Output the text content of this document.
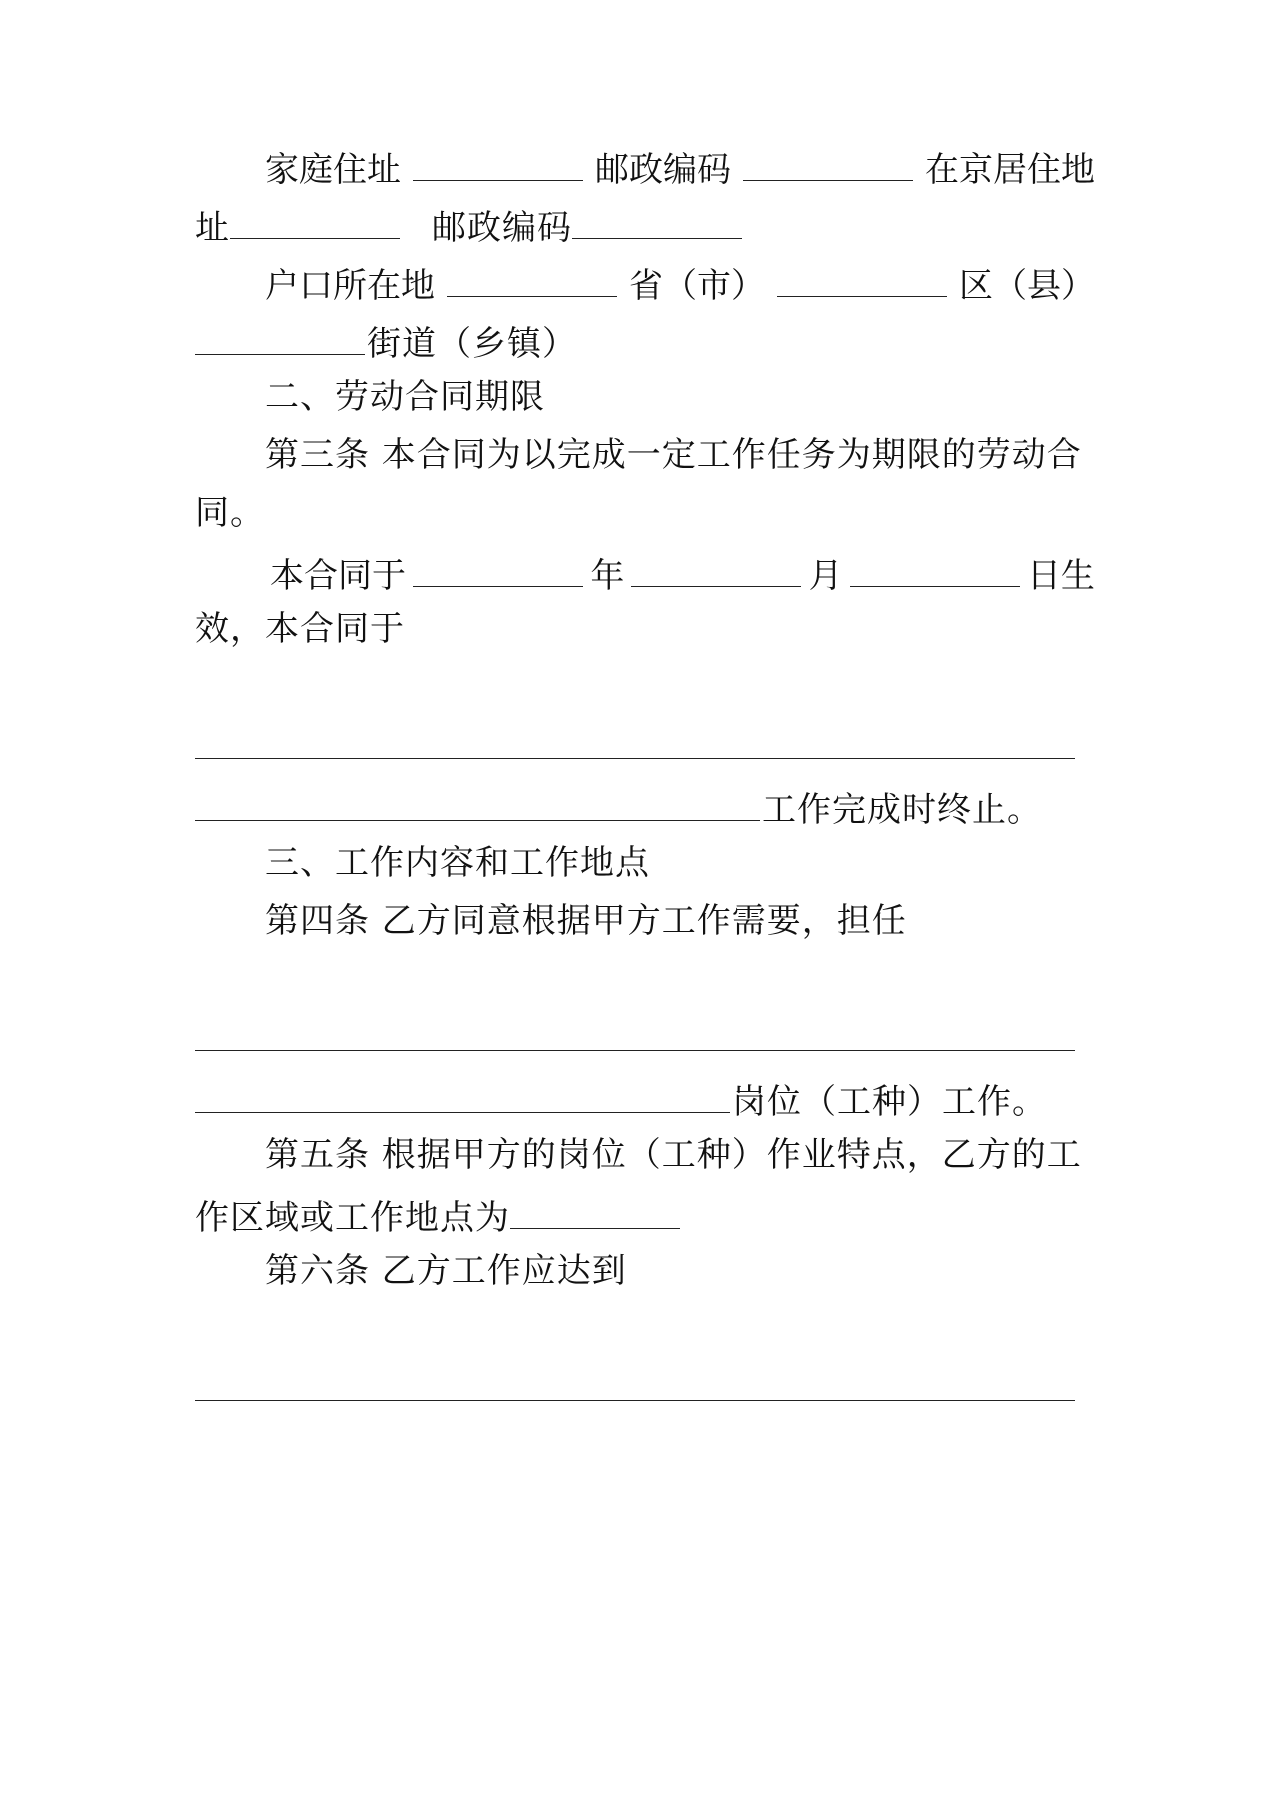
家庭住址	邮政编码	在京居住地
址	邮政编码
户口所在地	省（市）	区（县）
街道（乡镇）
二、劳动合同期限
第三条 本合同为以完成一定工作任务为期限的劳动合
同。
本合同于	年	月	日生
效，本合同于
工作完成时终止。
三、工作内容和工作地点
第四条 乙方同意根据甲方工作需要，担任
岗位（工种）工作。
第五条 根据甲方的岗位（工种）作业特点，乙方的工
作区域或工作地点为
第六条 乙方工作应达到
